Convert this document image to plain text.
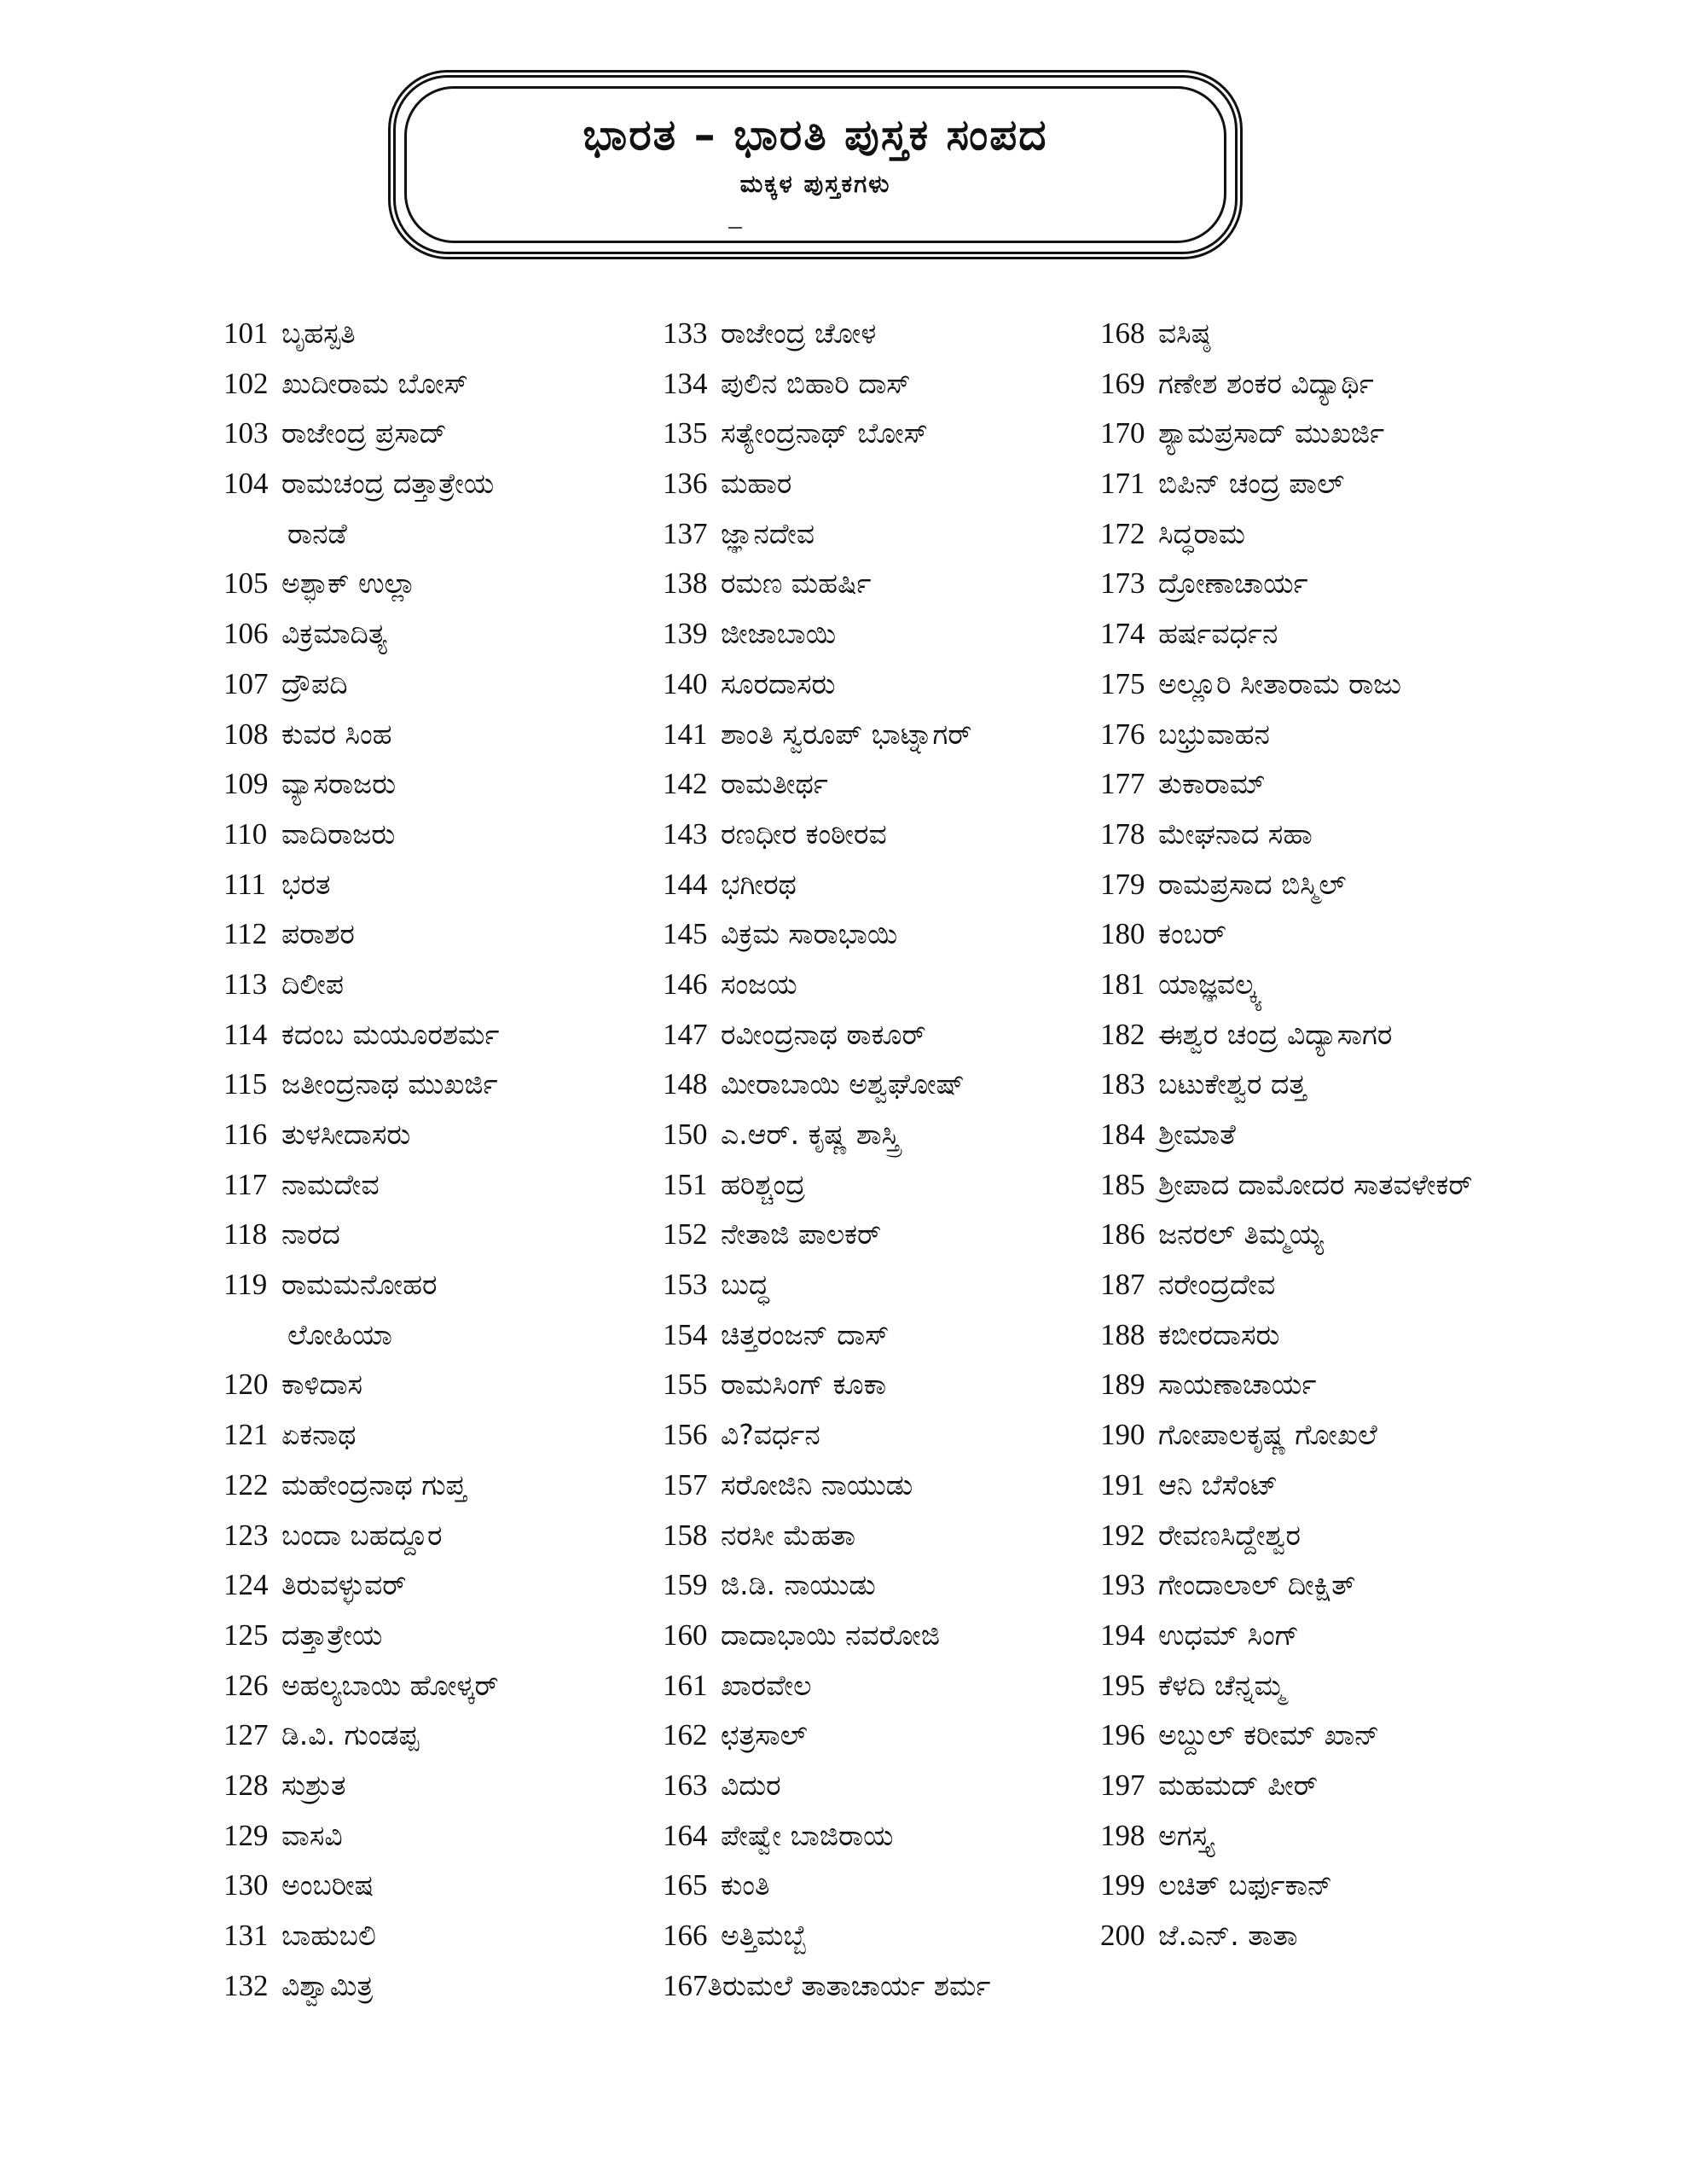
ಭಾರತ – ಭಾರತಿ ಪುಸ್ತಕ ಸಂಪದ
ಮಕ್ಕಳ ಪುಸ್ತಕಗಳು
101 ಬೃಹಸ್ಪತಿ
102 ಖುದೀರಾಮ ಬೋಸ್
103 ರಾಜೇಂದ್ರ ಪ್ರಸಾದ್
104 ರಾಮಚಂದ್ರ ದತ್ತಾತ್ರೇಯ
ರಾನಡೆ
105 ಅಶ್ಫಾಕ್ ಉಲ್ಲಾ
106 ವಿಕ್ರಮಾದಿತ್ಯ
107 ದ್ರೌಪದಿ
108 ಕುವರ ಸಿಂಹ
109 ವ್ಯಾಸರಾಜರು
110 ವಾದಿರಾಜರು
111 ಭರತ
112 ಪರಾಶರ
113 ದಿಲೀಪ
114 ಕದಂಬ ಮಯೂರಶರ್ಮ
115 ಜತೀಂದ್ರನಾಥ ಮುಖರ್ಜಿ
116 ತುಳಸೀದಾಸರು
117 ನಾಮದೇವ
118 ನಾರದ
119 ರಾಮಮನೋಹರ
ಲೋಹಿಯಾ
120 ಕಾಳಿದಾಸ
121 ಏಕನಾಥ
122 ಮಹೇಂದ್ರನಾಥ ಗುಪ್ತ
123 ಬಂದಾ ಬಹದ್ದೂರ
124 ತಿರುವಳ್ಳುವರ್
125 ದತ್ತಾತ್ರೇಯ
126 ಅಹಲ್ಯಬಾಯಿ ಹೋಳ್ಕರ್
127 ಡಿ.ವಿ. ಗುಂಡಪ್ಪ
128 ಸುಶ್ರುತ
129 ವಾಸವಿ
130 ಅಂಬರೀಷ
131 ಬಾಹುಬಲಿ
132 ವಿಶ್ವಾಮಿತ್ರ
133 ರಾಜೇಂದ್ರ ಚೋಳ
134 ಪುಲಿನ ಬಿಹಾರಿ ದಾಸ್
135 ಸತ್ಯೇಂದ್ರನಾಥ್ ಬೋಸ್
136 ಮಹಾರ
137 ಜ್ಞಾನದೇವ
138 ರಮಣ ಮಹರ್ಷಿ
139 ಜೀಜಾಬಾಯಿ
140 ಸೂರದಾಸರು
141 ಶಾಂತಿ ಸ್ವರೂಪ್ ಭಾಟ್ನಾಗರ್
142 ರಾಮತೀರ್ಥ
143 ರಣಧೀರ ಕಂಠೀರವ
144 ಭಗೀರಥ
145 ವಿಕ್ರಮ ಸಾರಾಭಾಯಿ
146 ಸಂಜಯ
147 ರವೀಂದ್ರನಾಥ ಠಾಕೂರ್
148 ಮೀರಾಬಾಯಿ ಅಶ್ವಘೋಷ್
150 ಎ.ಆರ್. ಕೃಷ್ಣ ಶಾಸ್ತ್ರಿ
151 ಹರಿಶ್ಚಂದ್ರ
152 ನೇತಾಜಿ ಪಾಲಕರ್
153 ಬುದ್ಧ
154 ಚಿತ್ತರಂಜನ್ ದಾಸ್
155 ರಾಮಸಿಂಗ್ ಕೂಕಾ
156 ವಿ?ವರ್ಧನ
157 ಸರೋಜಿನಿ ನಾಯುಡು
158 ನರಸೀ ಮೆಹತಾ
159 ಜಿ.ಡಿ. ನಾಯುಡು
160 ದಾದಾಭಾಯಿ ನವರೋಜಿ
161 ಖಾರವೇಲ
162 ಛತ್ರಸಾಲ್
163 ವಿದುರ
164 ಪೇಷ್ವೇ ಬಾಜಿರಾಯ
165 ಕುಂತಿ
166 ಅತ್ತಿಮಬ್ಬೆ
167ತಿರುಮಲೆ ತಾತಾಚಾರ್ಯ ಶರ್ಮ
168 ವಸಿಷ್ಠ
169 ಗಣೇಶ ಶಂಕರ ವಿದ್ಯಾರ್ಥಿ
170 ಶ್ಯಾಮಪ್ರಸಾದ್ ಮುಖರ್ಜಿ
171 ಬಿಪಿನ್ ಚಂದ್ರ ಪಾಲ್
172 ಸಿದ್ಧರಾಮ
173 ದ್ರೋಣಾಚಾರ್ಯ
174 ಹರ್ಷವರ್ಧನ
175 ಅಲ್ಲೂರಿ ಸೀತಾರಾಮ ರಾಜು
176 ಬಭ್ರುವಾಹನ
177 ತುಕಾರಾಮ್
178 ಮೇಘನಾದ ಸಹಾ
179 ರಾಮಪ್ರಸಾದ ಬಿಸ್ಮಿಲ್
180 ಕಂಬರ್
181 ಯಾಜ್ಞವಲ್ಕ್ಯ
182 ಈಶ್ವರ ಚಂದ್ರ ವಿದ್ಯಾಸಾಗರ
183 ಬಟುಕೇಶ್ವರ ದತ್ತ
184 ಶ್ರೀಮಾತೆ
185 ಶ್ರೀಪಾದ ದಾಮೋದರ ಸಾತವಳೇಕರ್
186 ಜನರಲ್ ತಿಮ್ಮಯ್ಯ
187 ನರೇಂದ್ರದೇವ
188 ಕಬೀರದಾಸರು
189 ಸಾಯಣಾಚಾರ್ಯ
190 ಗೋಪಾಲಕೃಷ್ಣ ಗೋಖಲೆ
191 ಆನಿ ಬೆಸೆಂಟ್
192 ರೇವಣಸಿದ್ದೇಶ್ವರ
193 ಗೇಂದಾಲಾಲ್ ದೀಕ್ಷಿತ್
194 ಉಧಮ್ ಸಿಂಗ್
195 ಕೆಳದಿ ಚೆನ್ನಮ್ಮ
196 ಅಬ್ದುಲ್ ಕರೀಮ್ ಖಾನ್
197 ಮಹಮದ್ ಪೀರ್
198 ಅಗಸ್ತ್ಯ
199 ಲಚಿತ್ ಬರ್ಫುಕಾನ್
200 ಜೆ.ಎನ್. ತಾತಾ
